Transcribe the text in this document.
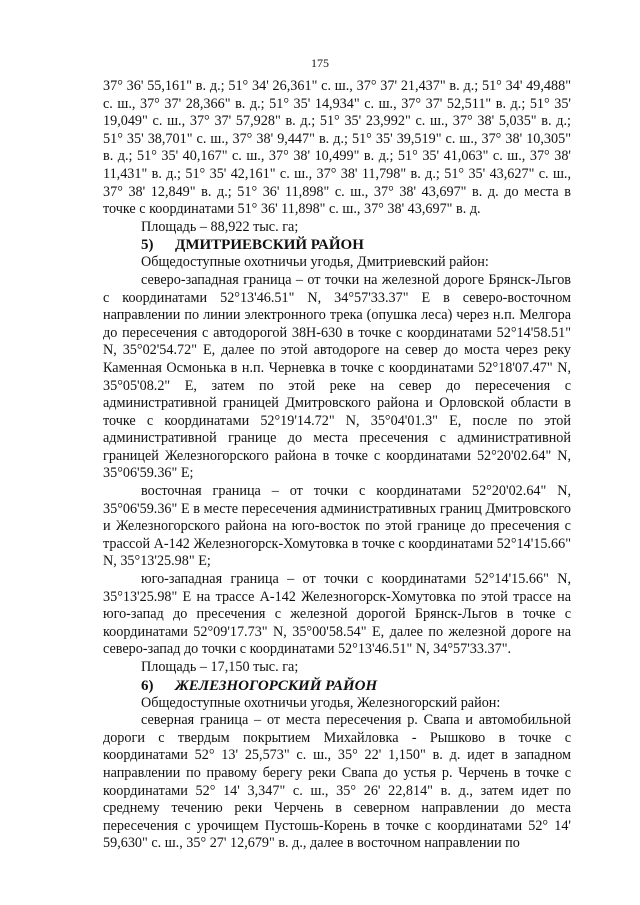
175

37° 36' 55,161" в. д.; 51° 34' 26,361" с. ш., 37° 37' 21,437" в. д.; 51° 34' 49,488" с. ш., 37° 37' 28,366" в. д.; 51° 35' 14,934" с. ш., 37° 37' 52,511" в. д.; 51° 35' 19,049" с. ш., 37° 37' 57,928" в. д.; 51° 35' 23,992" с. ш., 37° 38' 5,035" в. д.; 51° 35' 38,701" с. ш., 37° 38' 9,447" в. д.; 51° 35' 39,519" с. ш., 37° 38' 10,305" в. д.; 51° 35' 40,167" с. ш., 37° 38' 10,499" в. д.; 51° 35' 41,063" с. ш., 37° 38' 11,431" в. д.; 51° 35' 42,161" с. ш., 37° 38' 11,798" в. д.; 51° 35' 43,627" с. ш., 37° 38' 12,849" в. д.; 51° 36' 11,898" с. ш., 37° 38' 43,697" в. д. до места в точке с координатами 51° 36' 11,898" с. ш., 37° 38' 43,697" в. д.

Площадь – 88,922 тыс. га;

5) ДМИТРИЕВСКИЙ РАЙОН

Общедоступные охотничьи угодья, Дмитриевский район:

северо-западная граница – от точки на железной дороге Брянск-Льгов с координатами 52°13'46.51" N, 34°57'33.37" E в северо-восточном направлении по линии электронного трека (опушка леса) через н.п. Мелгора до пересечения с автодорогой 38Н-630 в точке с координатами 52°14'58.51" N, 35°02'54.72" E, далее по этой автодороге на север до моста через реку Каменная Осмонька в н.п. Черневка в точке с координатами 52°18'07.47" N, 35°05'08.2" E, затем по этой реке на север до пересечения с административной границей Дмитровского района и Орловской области в точке с координатами 52°19'14.72" N, 35°04'01.3" E, после по этой административной границе до места пресечения с административной границей Железногорского района в точке с координатами 52°20'02.64" N, 35°06'59.36" E;

восточная граница – от точки с координатами 52°20'02.64" N, 35°06'59.36" E в месте пересечения административных границ Дмитровского и Железногорского района на юго-восток по этой границе до пресечения с трассой А-142 Железногорск-Хомутовка в точке с координатами 52°14'15.66" N, 35°13'25.98" E;

юго-западная граница – от точки с координатами 52°14'15.66" N, 35°13'25.98" E на трассе А-142 Железногорск-Хомутовка по этой трассе на юго-запад до пресечения с железной дорогой Брянск-Льгов в точке с координатами 52°09'17.73" N, 35°00'58.54" E, далее по железной дороге на северо-запад до точки с координатами 52°13'46.51" N, 34°57'33.37".

Площадь – 17,150 тыс. га;

6) ЖЕЛЕЗНОГОРСКИЙ РАЙОН

Общедоступные охотничьи угодья, Железногорский район:

северная граница – от места пересечения р. Свапа и автомобильной дороги с твердым покрытием Михайловка - Рышково в точке с координатами 52° 13' 25,573" с. ш., 35° 22' 1,150" в. д. идет в западном направлении по правому берегу реки Свапа до устья р. Черчень в точке с координатами 52° 14' 3,347" с. ш., 35° 26' 22,814" в. д., затем идет по среднему течению реки Черчень в северном направлении до места пересечения с урочищем Пустошь-Корень в точке с координатами 52° 14' 59,630" с. ш., 35° 27' 12,679" в. д., далее в восточном направлении по
